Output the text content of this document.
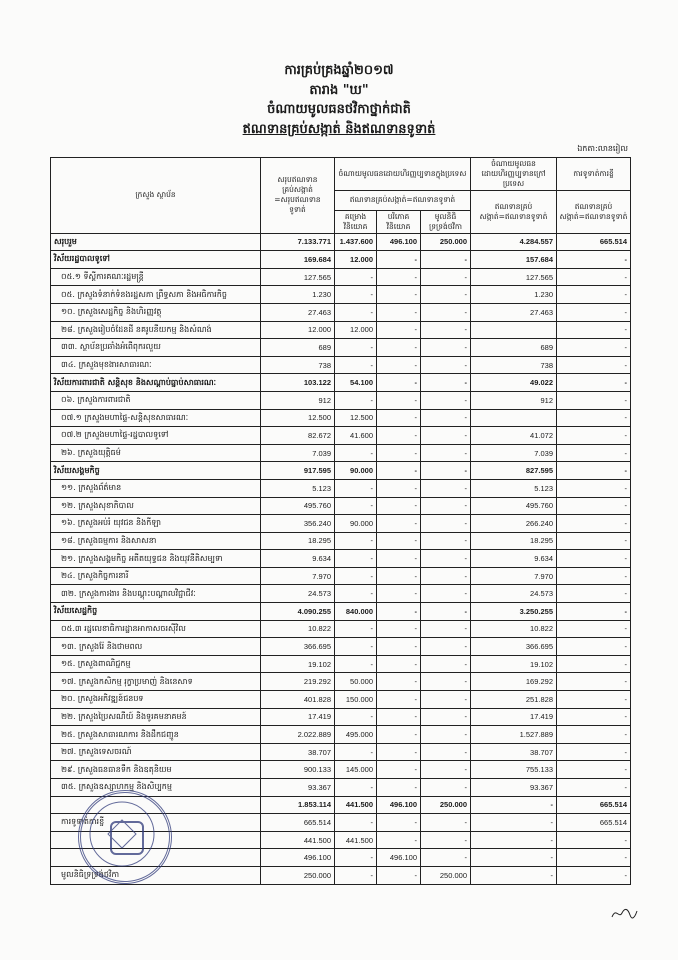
ការគ្រប់គ្រងឆ្នាំ២០១៧
តារាង "ឃ"
ចំណាយមូលធនថវិកាថ្នាក់ជាតិ
ឥណទានគ្រប់សង្កាត់ និងឥណទានទូទាត់
ឯកតា:លានរៀល
ក្រសួង ស្ថាប័ន	សរុបឥណទាន
គ្រប់សង្កាត់
=សរុបឥណទាន
ទូទាត់	ចំណាយមូលធនដោយហិរញ្ញប្បទានក្នុងប្រទេស			ចំណាយមូលធនដោយហិរញ្ញប្បទានក្រៅប្រទេស	ការទូទាត់ការខ្ចី
		ឥណទានគ្រប់សង្កាត់=ឥណទានទូទាត់			ឥណទានគ្រប់សង្កាត់=ឥណទានទូទាត់	ឥណទានគ្រប់សង្កាត់=ឥណទានទូទាត់
		គម្រោង
វិនិយោគ	បរិភោគ
វិនិយោគ	មូលនិធិ
ទ្រទ្រង់ថវិកា		
សរុបរួម	7.133.771	1.437.600	496.100	250.000	4.284.557	665.514
វិស័យរដ្ឋបាលទូទៅ	169.684	12.000	-	-	157.684	-
០៥.១ ទីស្តីការគណៈរដ្ឋមន្ត្រី	127.565	-	-	-	127.565	-
០៥. ក្រសួងទំនាក់ទំនងរដ្ឋសភា ព្រឹទ្ធសភា និងអធិការកិច្ច	1.230	-	-	-	1.230	-
១០. ក្រសួងសេដ្ឋកិច្ច និងហិរញ្ញវត្ថុ	27.463	-	-	-	27.463	-
២៨. ក្រសួងរៀបចំដែនដី នគរូបនីយកម្ម និងសំណង់	12.000	12.000	-	-		-
៣៣. ស្ថាប័នប្រឆាំងអំពើពុករលួយ	689	-	-	-	689	-
៣៤. ក្រសួងមុខងារសាធារណៈ	738	-	-	-	738	-
វិស័យការពារជាតិ សន្តិសុខ និងសណ្តាប់ធ្នាប់សាធារណៈ	103.122	54.100	-	-	49.022	-
០៦. ក្រសួងការពារជាតិ	912	-	-	-	912	-
០៧.១ ក្រសួងមហាផ្ទៃ-សន្តិសុខសាធារណៈ	12.500	12.500	-	-		-
០៧.២ ក្រសួងមហាផ្ទៃ-រដ្ឋបាលទូទៅ	82.672	41.600	-	-	41.072	-
២៦. ក្រសួងយុត្តិធម៌	7.039	-	-	-	7.039	-
វិស័យសង្គមកិច្ច	917.595	90.000	-	-	827.595	-
១១. ក្រសួងព័ត៌មាន	5.123	-	-	-	5.123	-
១២. ក្រសួងសុខាភិបាល	495.760	-	-	-	495.760	-
១៦. ក្រសួងអប់រំ យុវជន និងកីឡា	356.240	90.000	-	-	266.240	-
១៨. ក្រសួងធម្មការ និងសាសនា	18.295	-	-	-	18.295	-
២១. ក្រសួងសង្គមកិច្ច អតីតយុទ្ធជន និងយុវនីតិសម្បទា	9.634	-	-	-	9.634	-
២៤. ក្រសួងកិច្ចការនារី	7.970	-	-	-	7.970	-
៣២. ក្រសួងការងារ និងបណ្តុះបណ្តាលវិជ្ជាជីវៈ	24.573	-	-	-	24.573	-
វិស័យសេដ្ឋកិច្ច	4.090.255	840.000	-	-	3.250.255	-
០៥.៣ រដ្ឋលេខាធិការដ្ឋានអាកាសចរស៊ីវិល	10.822	-	-	-	10.822	-
១៣. ក្រសួងរ៉ែ និងថាមពល	366.695	-	-	-	366.695	-
១៥. ក្រសួងពាណិជ្ជកម្ម	19.102	-	-	-	19.102	-
១៧. ក្រសួងកសិកម្ម រុក្ខាប្រមាញ់ និងនេសាទ	219.292	50.000	-	-	169.292	-
២០. ក្រសួងអភិវឌ្ឍន៍ជនបទ	401.828	150.000	-	-	251.828	-
២២. ក្រសួងប្រៃសណីយ៍ និងទូរគមនាគមន៍	17.419	-	-	-	17.419	-
២៥. ក្រសួងសាធារណការ និងដឹកជញ្ជូន	2.022.889	495.000	-	-	1.527.889	-
២៧. ក្រសួងទេសចរណ៍	38.707	-	-	-	38.707	-
២៩. ក្រសួងធនធានទឹក និងឧតុនិយម	900.133	145.000	-	-	755.133	-
៣៥. ក្រសួងឧស្សាហកម្ម និងសិប្បកម្ម	93.367	-	-	-	93.367	-
	1.853.114	441.500	496.100	250.000	-	665.514
ការទូទាត់ការខ្ចី	665.514	-	-	-	-	665.514
	441.500	441.500	-	-	-	-
	496.100	-	496.100	-	-	-
មូលនិធិទ្រទ្រង់ថវិកា	250.000	-	-	250.000	-	-
